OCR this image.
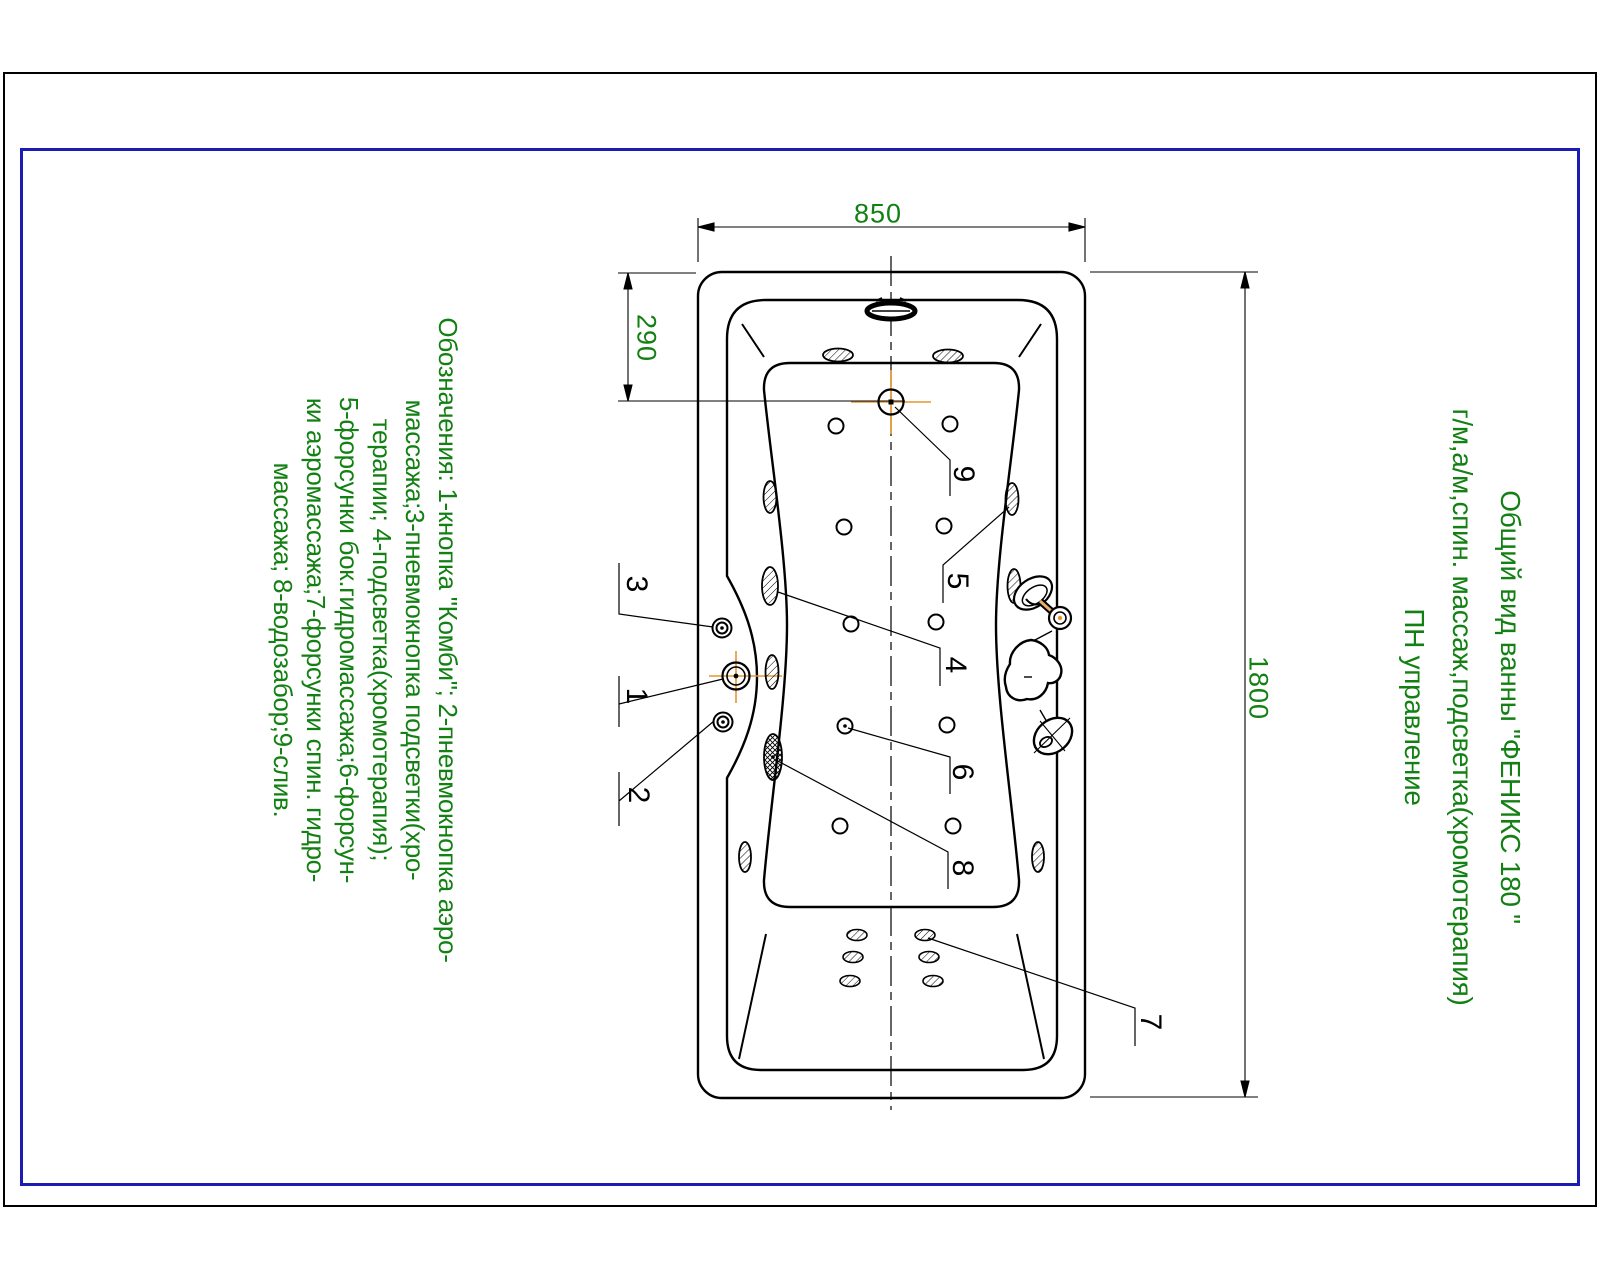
850
290
1800
3
1
2
9
5
4
6
8
7
Общий вид ванны "ФЕНИКС 180 "
г/м,а/м,спин. массаж,подсветка(хромотерапия)
ПН управление
Обозначения: 1-кнопка "Комби"; 2-пневмокнопка аэро-
массажа;3-пневмокнопка подсветки(хро-
терапии; 4-подсветка(хромотерапия);
5-форсунки бок.гидромассажа;6-форсун-
ки аэромассажа;7-форсунки спин. гидро-
массажа; 8-водозабор;9-слив.
